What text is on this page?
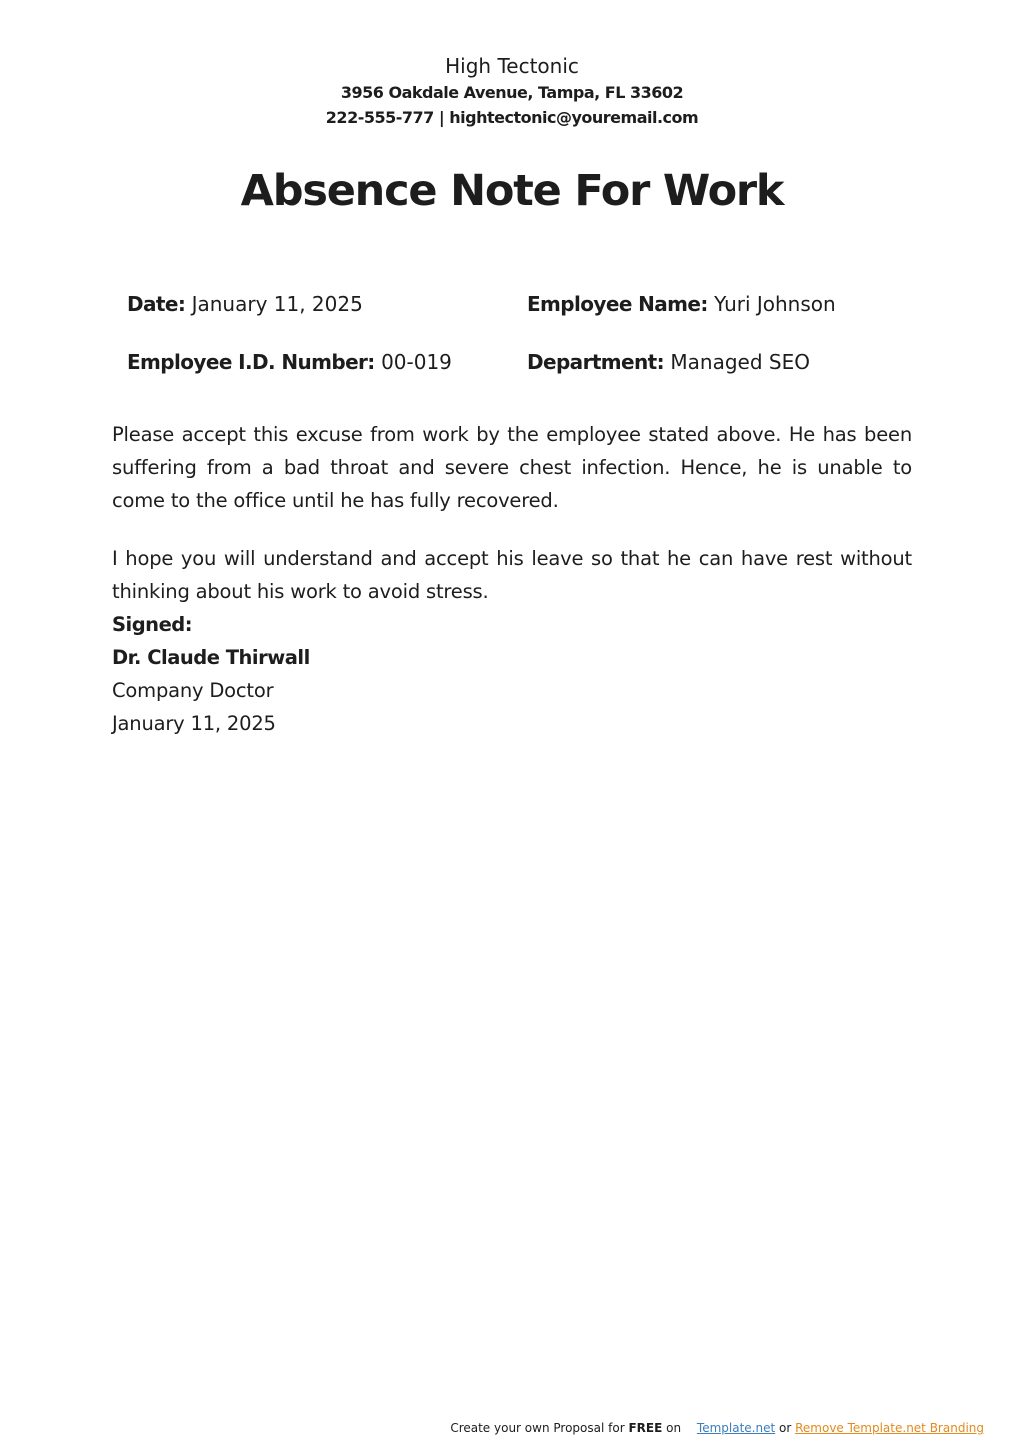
High Tectonic
3956 Oakdale Avenue, Tampa, FL 33602
222-555-777 | hightectonic@youremail.com
Absence Note For Work
Date: January 11, 2025	Employee Name: Yuri Johnson
Employee I.D. Number: 00-019	Department: Managed SEO

Please accept this excuse from work by the employee stated above. He has been suffering from a bad throat and severe chest infection. Hence, he is unable to come to the office until he has fully recovered.

I hope you will understand and accept his leave so that he can have rest without thinking about his work to avoid stress.

Signed:
Dr. Claude Thirwall
Company Doctor
January 11, 2025
Create your own Proposal for FREE on Template.net or Remove Template.net Branding
